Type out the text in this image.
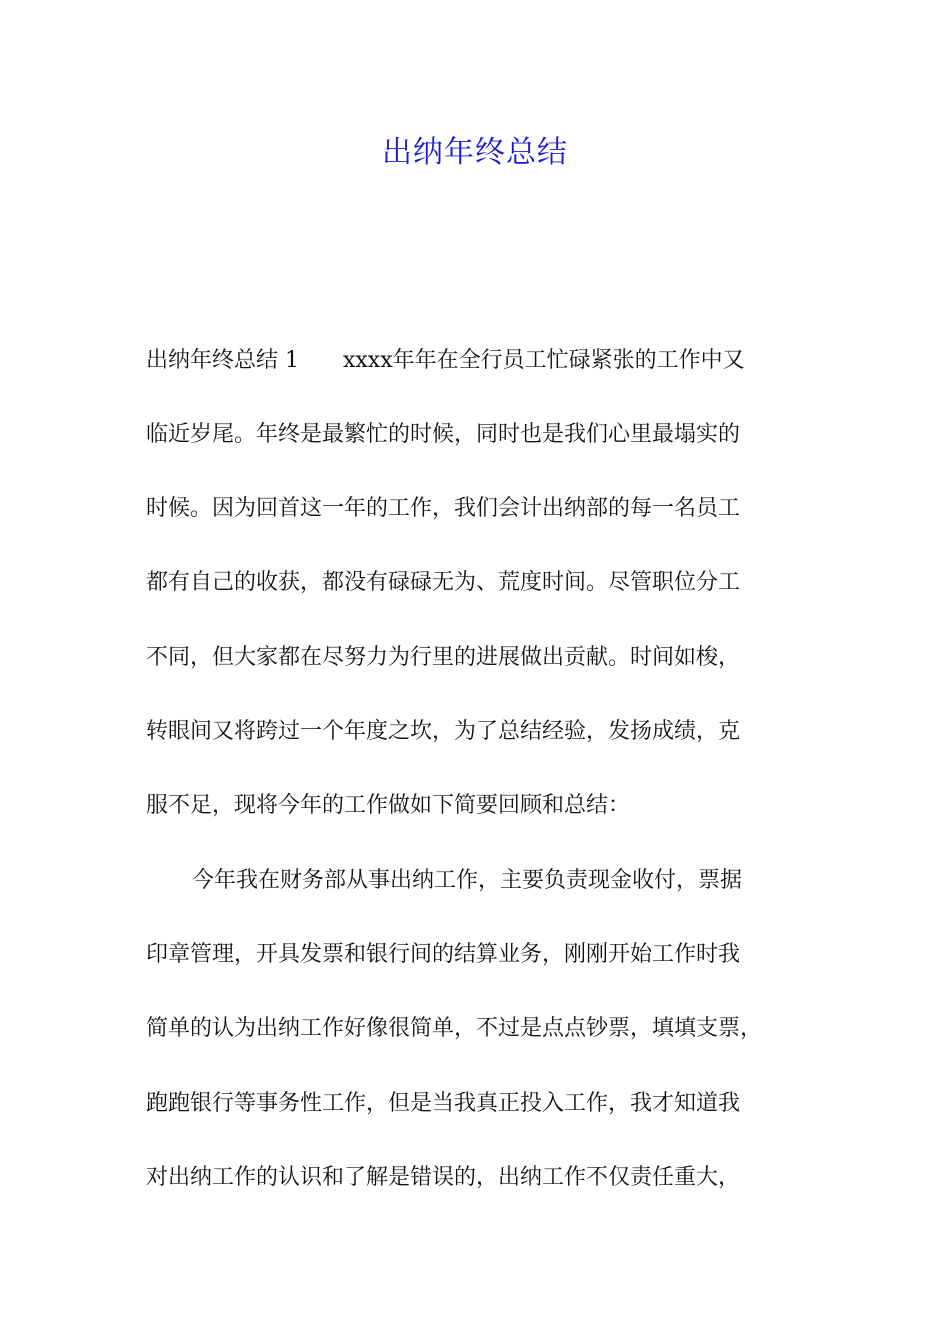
出纳年终总结
出纳年终总结 1　　xxxx年年在全行员工忙碌紧张的工作中又
临近岁尾。年终是最繁忙的时候，同时也是我们心里最塌实的
时候。因为回首这一年的工作，我们会计出纳部的每一名员工
都有自己的收获，都没有碌碌无为、荒度时间。尽管职位分工
不同，但大家都在尽努力为行里的进展做出贡献。时间如梭，
转眼间又将跨过一个年度之坎，为了总结经验，发扬成绩，克
服不足，现将今年的工作做如下简要回顾和总结：
今年我在财务部从事出纳工作，主要负责现金收付，票据
印章管理，开具发票和银行间的结算业务，刚刚开始工作时我
简单的认为出纳工作好像很简单，不过是点点钞票，填填支票，
跑跑银行等事务性工作，但是当我真正投入工作，我才知道我
对出纳工作的认识和了解是错误的，出纳工作不仅责任重大，
